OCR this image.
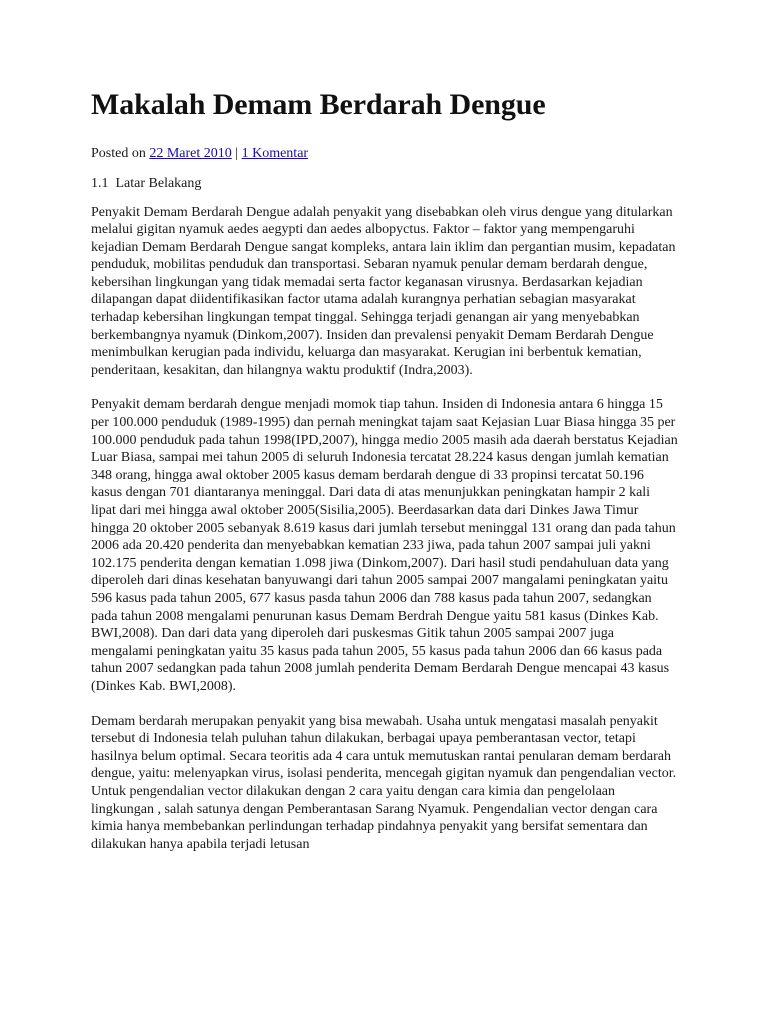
Makalah Demam Berdarah Dengue
Posted on 22 Maret 2010 | 1 Komentar
1.1  Latar Belakang

Penyakit Demam Berdarah Dengue adalah penyakit yang disebabkan oleh virus dengue yang ditularkan melalui gigitan nyamuk aedes aegypti dan aedes albopyctus. Faktor – faktor yang mempengaruhi kejadian Demam Berdarah Dengue sangat kompleks, antara lain iklim dan pergantian musim, kepadatan penduduk, mobilitas penduduk dan transportasi. Sebaran nyamuk penular demam berdarah dengue, kebersihan lingkungan yang tidak memadai serta factor keganasan virusnya. Berdasarkan kejadian dilapangan dapat diidentifikasikan factor utama adalah kurangnya perhatian sebagian masyarakat terhadap kebersihan lingkungan tempat tinggal. Sehingga terjadi genangan air yang menyebabkan berkembangnya nyamuk (Dinkom,2007). Insiden dan prevalensi penyakit Demam Berdarah Dengue menimbulkan kerugian pada individu, keluarga dan masyarakat. Kerugian ini berbentuk kematian, penderitaan, kesakitan, dan hilangnya waktu produktif (Indra,2003).

Penyakit demam berdarah dengue menjadi momok tiap tahun. Insiden di Indonesia antara 6 hingga 15 per 100.000 penduduk (1989-1995) dan pernah meningkat tajam saat Kejasian Luar Biasa hingga 35 per 100.000 penduduk pada tahun 1998(IPD,2007), hingga medio 2005 masih ada daerah berstatus Kejadian Luar Biasa, sampai mei tahun 2005 di seluruh Indonesia tercatat 28.224 kasus dengan jumlah kematian 348 orang, hingga awal oktober 2005 kasus demam berdarah dengue di 33 propinsi tercatat 50.196 kasus dengan 701 diantaranya meninggal. Dari data di atas menunjukkan peningkatan hampir 2 kali lipat dari mei hingga awal oktober 2005(Sisilia,2005). Beerdasarkan data dari Dinkes Jawa Timur hingga 20 oktober 2005 sebanyak 8.619 kasus dari jumlah tersebut meninggal 131 orang dan pada tahun 2006 ada 20.420 penderita dan menyebabkan kematian 233 jiwa, pada tahun 2007 sampai juli yakni 102.175 penderita dengan kematian 1.098 jiwa (Dinkom,2007). Dari hasil studi pendahuluan data yang diperoleh dari dinas kesehatan banyuwangi dari tahun 2005 sampai 2007 mangalami peningkatan yaitu 596 kasus pada tahun 2005, 677 kasus pasda tahun 2006 dan 788 kasus pada tahun 2007, sedangkan pada tahun 2008 mengalami penurunan kasus Demam Berdrah Dengue yaitu 581 kasus (Dinkes Kab. BWI,2008). Dan dari data yang diperoleh dari puskesmas Gitik tahun 2005 sampai 2007 juga mengalami peningkatan yaitu 35 kasus pada tahun 2005, 55 kasus pada tahun 2006 dan 66 kasus pada tahun 2007 sedangkan pada tahun 2008 jumlah penderita Demam Berdarah Dengue mencapai 43 kasus (Dinkes Kab. BWI,2008).

Demam berdarah merupakan penyakit yang bisa mewabah. Usaha untuk mengatasi masalah penyakit tersebut di Indonesia telah puluhan tahun dilakukan, berbagai upaya pemberantasan vector, tetapi hasilnya belum optimal. Secara teoritis ada 4 cara untuk memutuskan rantai penularan demam berdarah dengue, yaitu: melenyapkan virus, isolasi penderita, mencegah gigitan nyamuk dan pengendalian vector. Untuk pengendalian vector dilakukan dengan 2 cara yaitu dengan cara kimia dan pengelolaan lingkungan , salah satunya dengan Pemberantasan Sarang Nyamuk. Pengendalian vector dengan cara kimia hanya membebankan perlindungan terhadap pindahnya penyakit yang bersifat sementara dan dilakukan hanya apabila terjadi letusan
